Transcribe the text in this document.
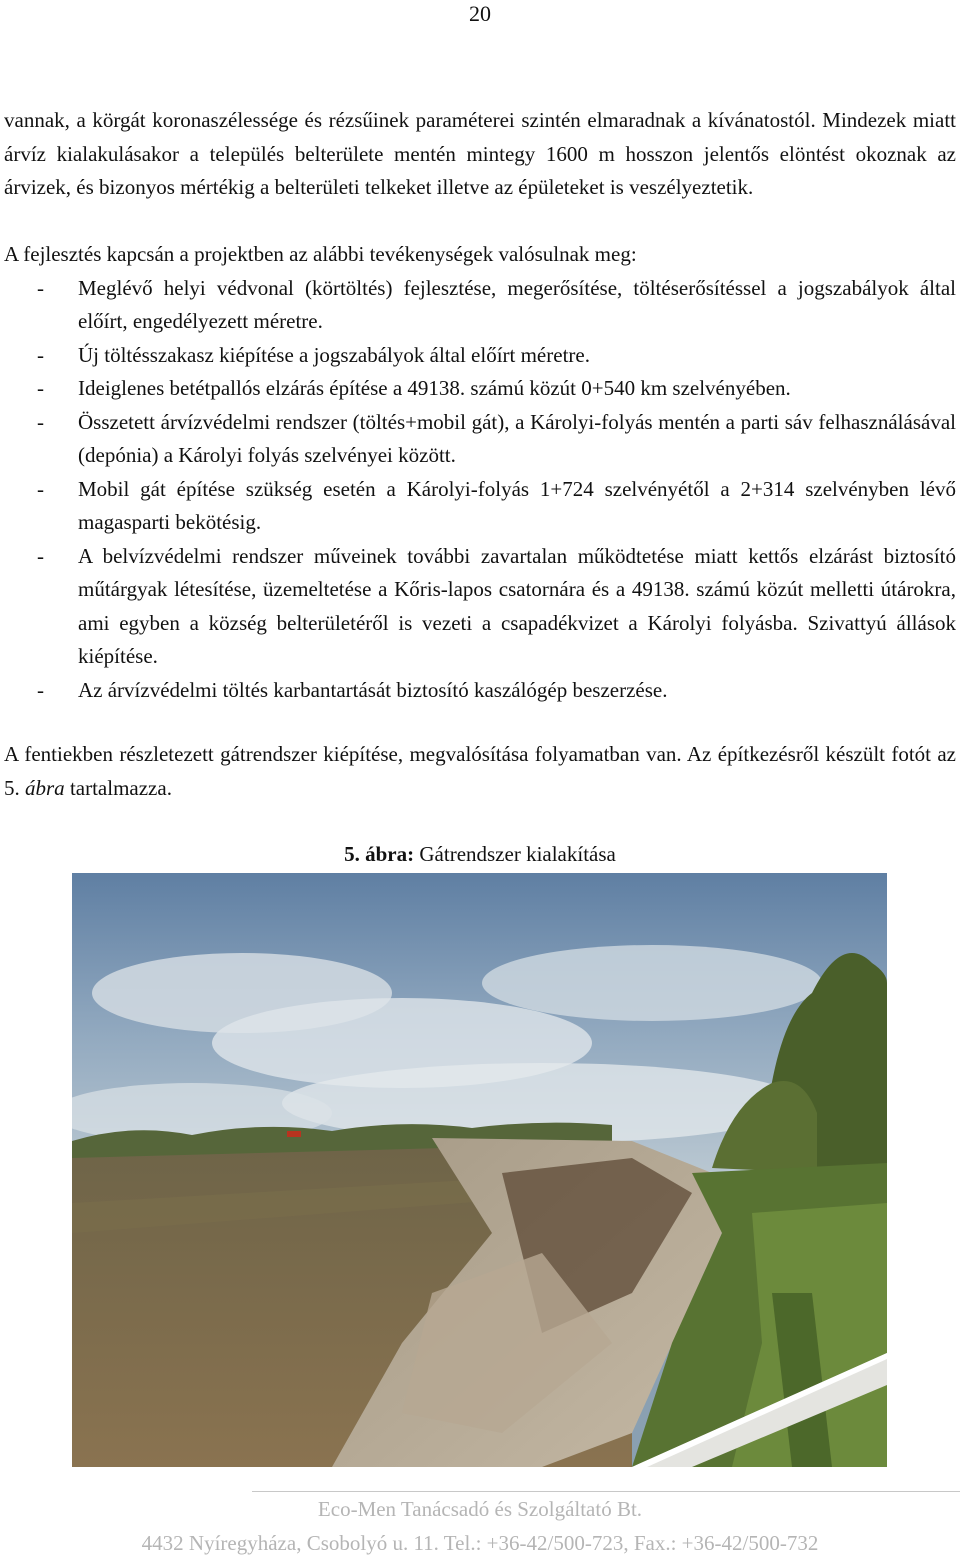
20

vannak, a körgát koronaszélessége és rézsűinek paraméterei szintén elmaradnak a kívánatostól. Mindezek miatt árvíz kialakulásakor a település belterülete mentén mintegy 1600 m hosszon jelentős elöntést okoznak az árvizek, és bizonyos mértékig a belterületi telkeket illetve az épületeket is veszélyeztetik.

A fejlesztés kapcsán a projektben az alábbi tevékenységek valósulnak meg:
- Meglévő helyi védvonal (körtöltés) fejlesztése, megerősítése, töltéserősítéssel a jogszabályok által előírt, engedélyezett méretre.
- Új töltésszakasz kiépítése a jogszabályok által előírt méretre.
- Ideiglenes betétpallós elzárás építése a 49138. számú közút 0+540 km szelvényében.
- Összetett árvízvédelmi rendszer (töltés+mobil gát), a Károlyi-folyás mentén a parti sáv felhasználásával (depónia) a Károlyi folyás szelvényei között.
- Mobil gát építése szükség esetén a Károlyi-folyás 1+724 szelvényétől a 2+314 szelvényben lévő magasparti bekötésig.
- A belvízvédelmi rendszer műveinek további zavartalan működtetése miatt kettős elzárást biztosító műtárgyak létesítése, üzemeltetése a Kőris-lapos csatornára és a 49138. számú közút melletti útárokra, ami egyben a község belterületéről is vezeti a csapadékvizet a Károlyi folyásba. Szivattyú állások kiépítése.
- Az árvízvédelmi töltés karbantartását biztosító kaszálógép beszerzése.

A fentiekben részletezett gátrendszer kiépítése, megvalósítása folyamatban van. Az építkezésről készült fotót az 5. ábra tartalmazza.

5. ábra: Gátrendszer kialakítása
Eco-Men Tanácsadó és Szolgáltató Bt.
4432 Nyíregyháza, Csobolyó u. 11. Tel.: +36-42/500-723, Fax.: +36-42/500-732
